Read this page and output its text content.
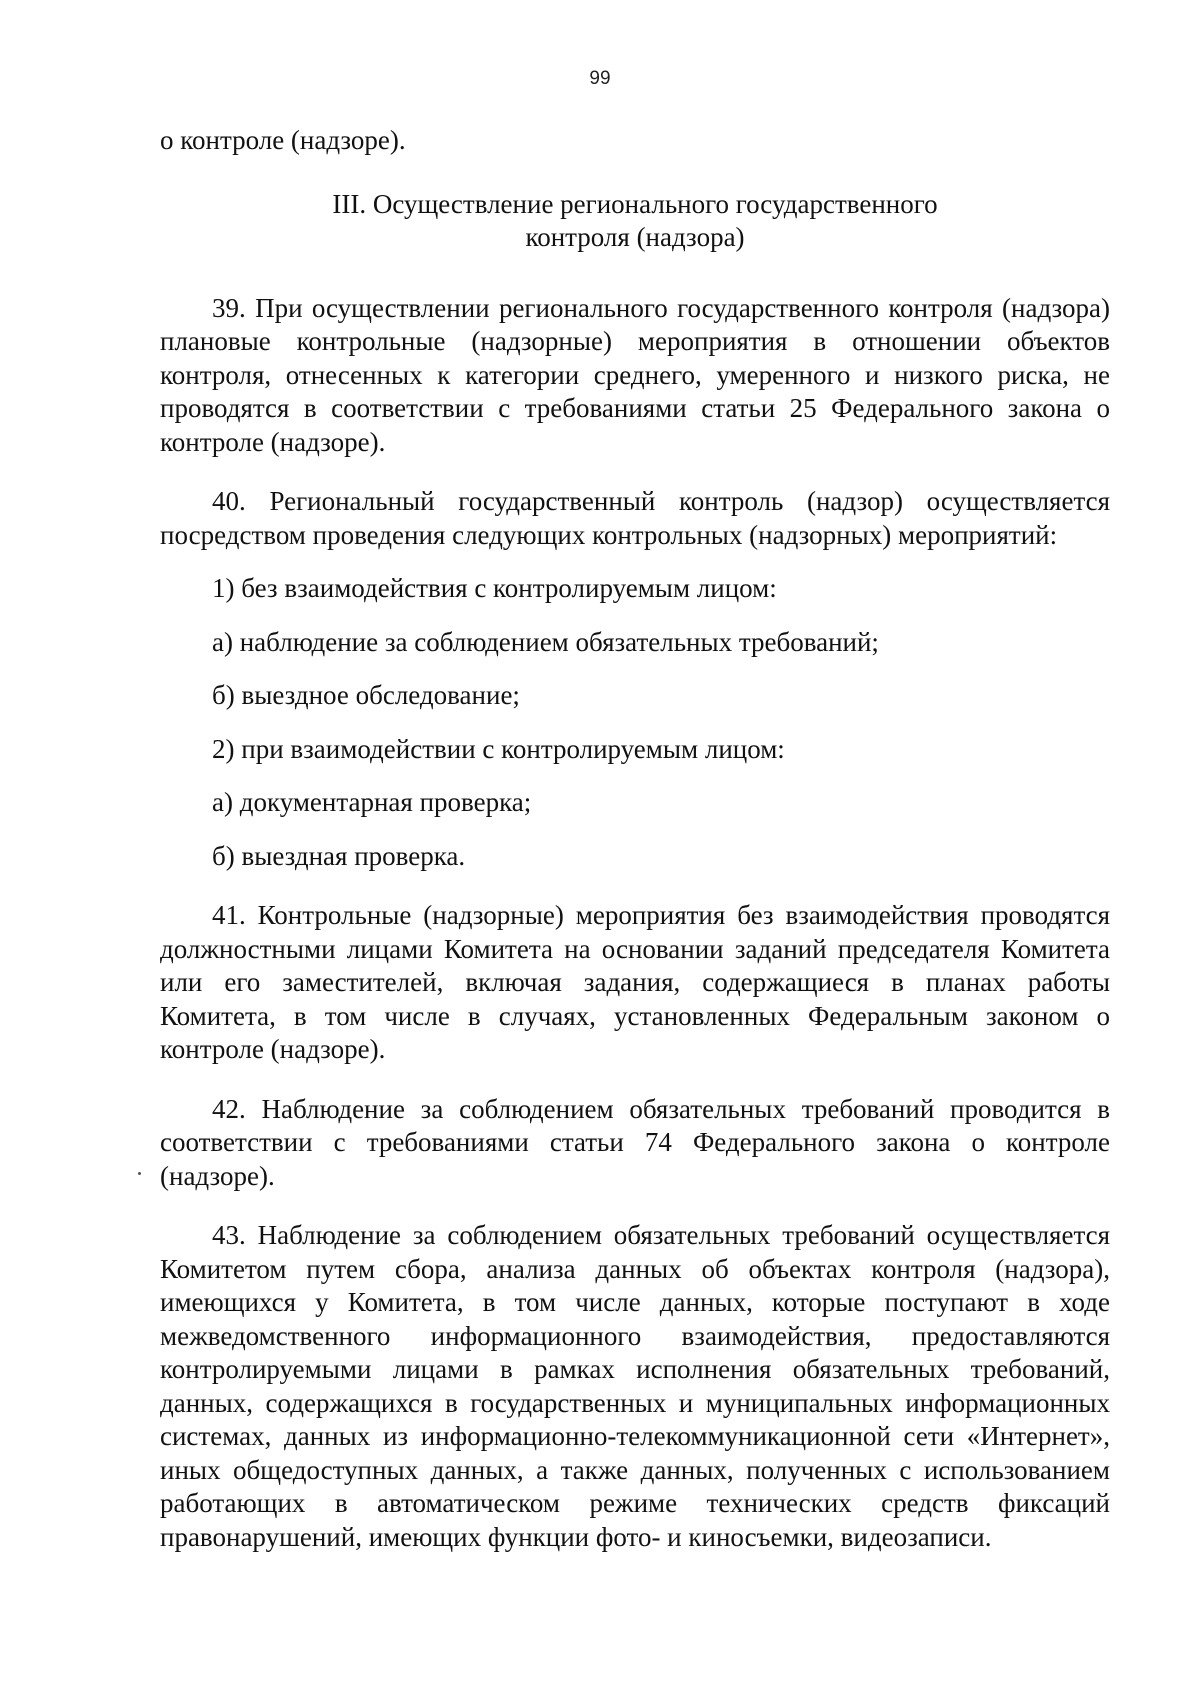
99

о контроле (надзоре).

III. Осуществление регионального государственного
контроля (надзора)

39. При осуществлении регионального государственного контроля (надзора) плановые контрольные (надзорные) мероприятия в отношении объектов контроля, отнесенных к категории среднего, умеренного и низкого риска, не проводятся в соответствии с требованиями статьи 25 Федерального закона о контроле (надзоре).

40. Региональный государственный контроль (надзор) осуществляется посредством проведения следующих контрольных (надзорных) мероприятий:

1) без взаимодействия с контролируемым лицом:

а) наблюдение за соблюдением обязательных требований;

б) выездное обследование;

2) при взаимодействии с контролируемым лицом:

а) документарная проверка;

б) выездная проверка.

41. Контрольные (надзорные) мероприятия без взаимодействия проводятся должностными лицами Комитета на основании заданий председателя Комитета или его заместителей, включая задания, содержащиеся в планах работы Комитета, в том числе в случаях, установленных Федеральным законом о контроле (надзоре).

42. Наблюдение за соблюдением обязательных требований проводится в соответствии с требованиями статьи 74 Федерального закона о контроле (надзоре).

43. Наблюдение за соблюдением обязательных требований осуществляется Комитетом путем сбора, анализа данных об объектах контроля (надзора), имеющихся у Комитета, в том числе данных, которые поступают в ходе межведомственного информационного взаимодействия, предоставляются контролируемыми лицами в рамках исполнения обязательных требований, данных, содержащихся в государственных и муниципальных информационных системах, данных из информационно-телекоммуникационной сети «Интернет», иных общедоступных данных, а также данных, полученных с использованием работающих в автоматическом режиме технических средств фиксаций правонарушений, имеющих функции фото- и киносъемки, видеозаписи.
